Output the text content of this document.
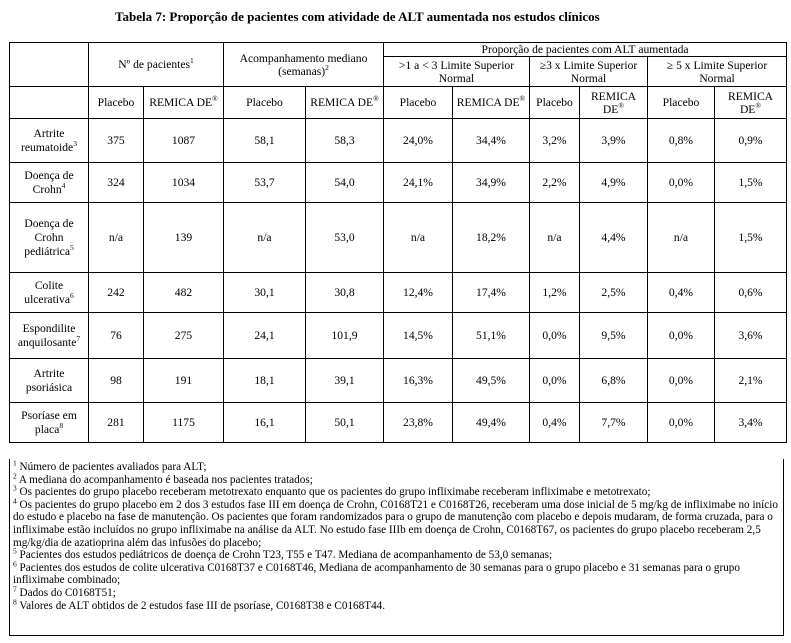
Tabela 7: Proporção de pacientes com atividade de ALT aumentada nos estudos clínicos
	Nº de pacientes$^1$		Acompanhamento mediano (semanas)$^2$		Proporção de pacientes com ALT aumentada					
					>1 a < 3 Limite Superior Normal		≥3 x Limite Superior Normal		≥ 5 x Limite Superior Normal	
	Placebo	REMICA DE®	Placebo	REMICA DE®	Placebo	REMICA DE®	Placebo	REMICA DE®	Placebo	REMICA DE®
Artrite reumatoide$^3$	375	1087	58,1	58,3	24,0%	34,4%	3,2%	3,9%	0,8%	0,9%
Doença de Crohn$^4$	324	1034	53,7	54,0	24,1%	34,9%	2,2%	4,9%	0,0%	1,5%
Doença de Crohn pediátrica$^5$	n/a	139	n/a	53,0	n/a	18,2%	n/a	4,4%	n/a	1,5%
Colite ulcerativa$^6$	242	482	30,1	30,8	12,4%	17,4%	1,2%	2,5%	0,4%	0,6%
Espondilite anquilosante$^7$	76	275	24,1	101,9	14,5%	51,1%	0,0%	9,5%	0,0%	3,6%
Artrite psoriásica	98	191	18,1	39,1	16,3%	49,5%	0,0%	6,8%	0,0%	2,1%
Psoríase em placa$^8$	281	1175	16,1	50,1	23,8%	49,4%	0,4%	7,7%	0,0%	3,4%

$^1$ Número de pacientes avaliados para ALT;

$^2$ A mediana do acompanhamento é baseada nos pacientes tratados;

$^3$ Os pacientes do grupo placebo receberam metotrexato enquanto que os pacientes do grupo infliximabe receberam infliximabe e metotrexato;

$^4$ Os pacientes do grupo placebo em 2 dos 3 estudos fase III em doença de Crohn, C0168T21 e C0168T26, receberam uma dose inicial de 5 mg/kg de infliximabe no início do estudo e placebo na fase de manutenção. Os pacientes que foram randomizados para o grupo de manutenção com placebo e depois mudaram, de forma cruzada, para o infliximabe estão incluídos no grupo infliximabe na análise da ALT. No estudo fase IIIb em doença de Crohn, C0168T67, os pacientes do grupo placebo receberam 2,5 mg/kg/dia de azatioprina além das infusões do placebo;

$^5$ Pacientes dos estudos pediátricos de doença de Crohn T23, T55 e T47. Mediana de acompanhamento de 53,0 semanas;

$^6$ Pacientes dos estudos de colite ulcerativa C0168T37 e C0168T46, Mediana de acompanhamento de 30 semanas para o grupo placebo e 31 semanas para o grupo infliximabe combinado;

$^7$ Dados do C0168T51;

$^8$ Valores de ALT obtidos de 2 estudos fase III de psoríase, C0168T38 e C0168T44.
